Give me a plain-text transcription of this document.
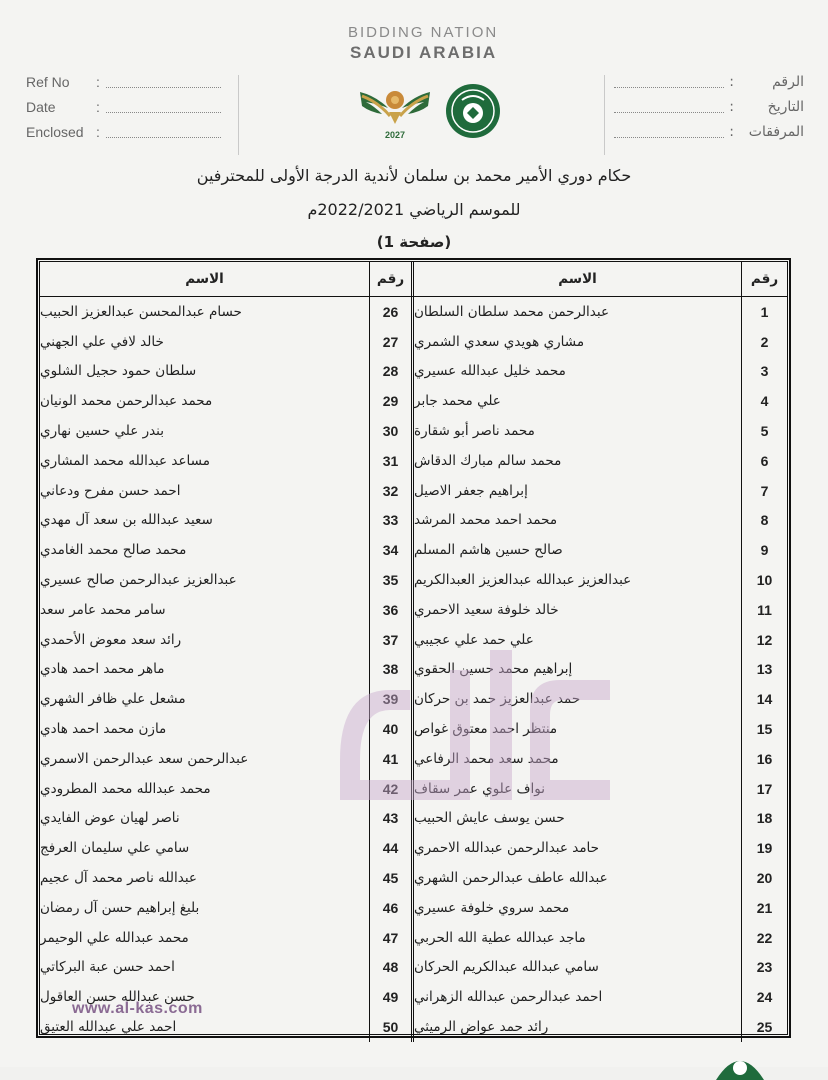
Ref No	:
Date	:
Enclosed :
الرقم
:
التاريخ
:
المرفقات
:
BIDDING NATION
SAUDI ARABIA
2027
حكام دوري الأمير محمد بن سلمان لأندية الدرجة الأولى للمحترفين
للموسم الرياضي 2022/2021م
(صفحة 1)
الاسم	رقم	الاسم	رقم
حسام عبدالمحسن عبدالعزيز الحبيب	26	عبدالرحمن محمد سلطان السلطان	1
خالد لافي علي الجهني	27	مشاري هويدي سعدي الشمري	2
سلطان حمود حجيل الشلوي	28	محمد خليل عبدالله عسيري	3
محمد عبدالرحمن محمد الونيان	29	علي محمد جابر	4
بندر علي حسين نهاري	30	محمد ناصر أبو شقارة	5
مساعد عبدالله محمد المشاري	31	محمد سالم مبارك الدقاش	6
احمد حسن مفرح ودعاني	32	إبراهيم جعفر الاصيل	7
سعيد عبدالله بن سعد آل مهدي	33	محمد احمد محمد المرشد	8
محمد صالح محمد الغامدي	34	صالح حسين هاشم المسلم	9
عبدالعزيز عبدالرحمن صالح عسيري	35	عبدالعزيز عبدالله عبدالعزيز العبدالكريم	10
سامر محمد عامر سعد	36	خالد خلوفة سعيد الاحمري	11
رائد سعد معوض الأحمدي	37	علي حمد علي عجيبي	12
ماهر محمد احمد هادي	38	إبراهيم محمد حسين الحقوي	13
مشعل علي ظافر الشهري	39	حمد عبدالعزيز حمد بن حركان	14
مازن محمد احمد هادي	40	منتظر احمد معتوق غواص	15
عبدالرحمن سعد عبدالرحمن الاسمري	41	محمد سعد محمد الرفاعي	16
محمد عبدالله محمد المطرودي	42	نواف علوي عمر سقاف	17
ناصر لهيان عوض الفايدي	43	حسن يوسف عايش الحبيب	18
سامي علي سليمان العرفج	44	حامد عبدالرحمن عبدالله الاحمري	19
عبدالله ناصر محمد آل عجيم	45	عبدالله عاطف عبدالرحمن الشهري	20
بليغ إبراهيم حسن آل رمضان	46	محمد سروي خلوفة عسيري	21
محمد عبدالله علي الوحيمر	47	ماجد عبدالله عطية الله الحربي	22
احمد حسن عبة البركاتي	48	سامي عبدالله عبدالكريم الحركان	23
حسن عبدالله حسن العاقول	49	احمد عبدالرحمن عبدالله الزهراني	24
احمد علي عبدالله العتيق	50	رائد حمد عواض الرميثي	25
www.al-kas.com
